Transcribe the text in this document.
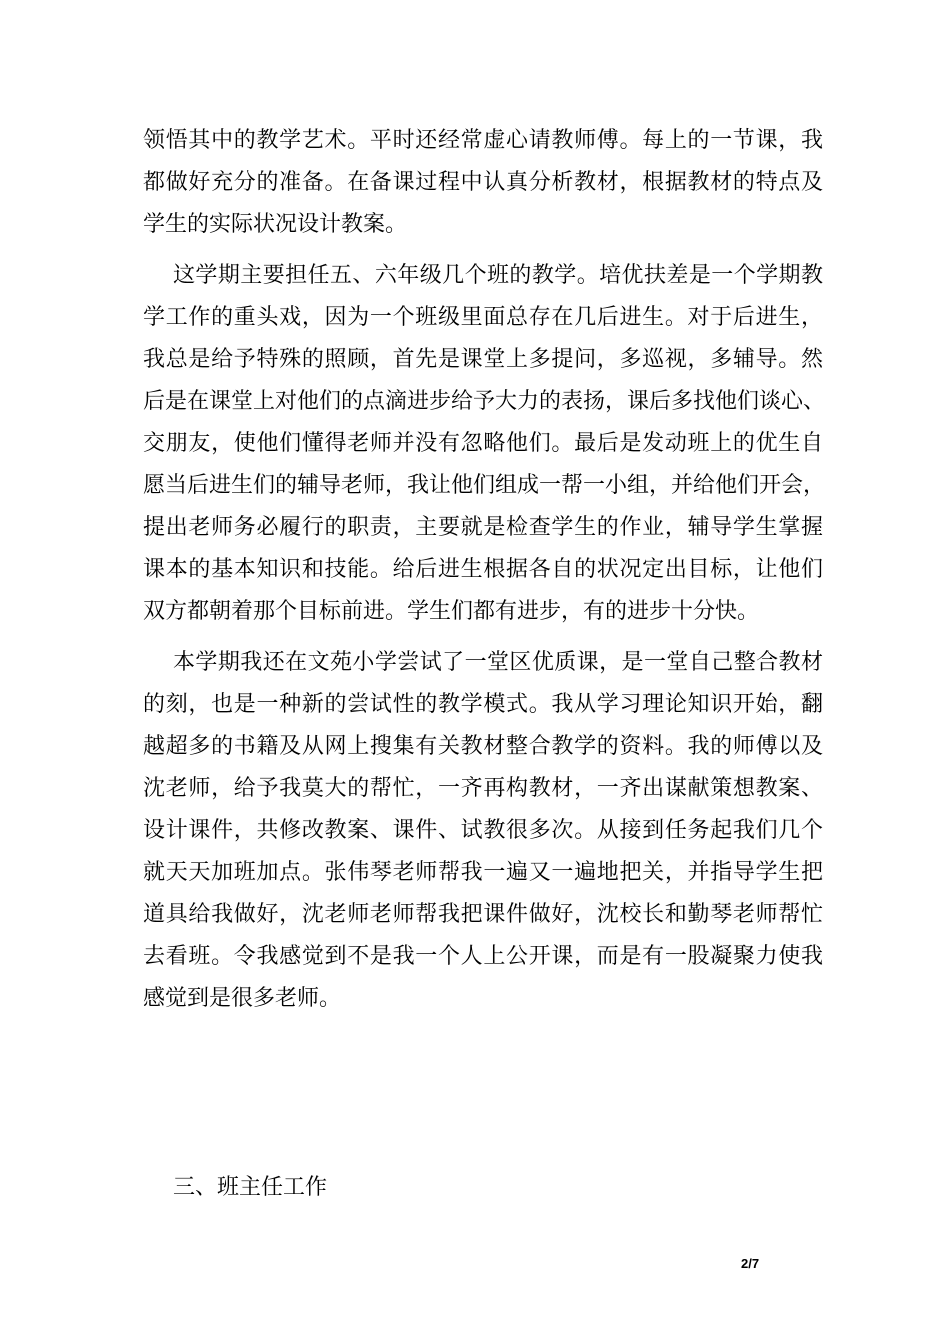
领悟其中的教学艺术。平时还经常虚心请教师傅。每上的一节课，我
都做好充分的准备。在备课过程中认真分析教材，根据教材的特点及
学生的实际状况设计教案。
这学期主要担任五、六年级几个班的教学。培优扶差是一个学期教
学工作的重头戏，因为一个班级里面总存在几后进生。对于后进生，
我总是给予特殊的照顾，首先是课堂上多提问，多巡视，多辅导。然
后是在课堂上对他们的点滴进步给予大力的表扬，课后多找他们谈心、
交朋友，使他们懂得老师并没有忽略他们。最后是发动班上的优生自
愿当后进生们的辅导老师，我让他们组成一帮一小组，并给他们开会，
提出老师务必履行的职责，主要就是检查学生的作业，辅导学生掌握
课本的基本知识和技能。给后进生根据各自的状况定出目标，让他们
双方都朝着那个目标前进。学生们都有进步，有的进步十分快。
本学期我还在文苑小学尝试了一堂区优质课，是一堂自己整合教材
的刻，也是一种新的尝试性的教学模式。我从学习理论知识开始，翻
越超多的书籍及从网上搜集有关教材整合教学的资料。我的师傅以及
沈老师，给予我莫大的帮忙，一齐再构教材，一齐出谋献策想教案、
设计课件，共修改教案、课件、试教很多次。从接到任务起我们几个
就天天加班加点。张伟琴老师帮我一遍又一遍地把关，并指导学生把
道具给我做好，沈老师老师帮我把课件做好，沈校长和勤琴老师帮忙
去看班。令我感觉到不是我一个人上公开课，而是有一股凝聚力使我
感觉到是很多老师。
三、班主任工作
2/7
